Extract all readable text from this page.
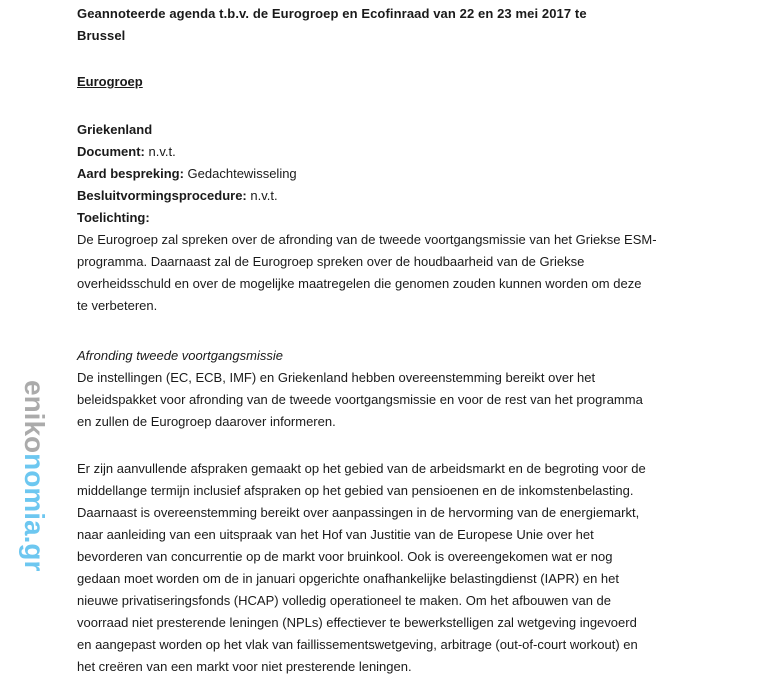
Geannoteerde agenda t.b.v. de Eurogroep en Ecofinraad van 22 en 23 mei 2017 te
Brussel
Eurogroep
Griekenland
Document: n.v.t.
Aard bespreking: Gedachtewisseling
Besluitvormingsprocedure: n.v.t.
Toelichting:
De Eurogroep zal spreken over de afronding van de tweede voortgangsmissie van het Griekse ESM-
programma. Daarnaast zal de Eurogroep spreken over de houdbaarheid van de Griekse
overheidsschuld en over de mogelijke maatregelen die genomen zouden kunnen worden om deze
te verbeteren.
Afronding tweede voortgangsmissie
De instellingen (EC, ECB, IMF) en Griekenland hebben overeenstemming bereikt over het
beleidspakket voor afronding van de tweede voortgangsmissie en voor de rest van het programma
en zullen de Eurogroep daarover informeren.
Er zijn aanvullende afspraken gemaakt op het gebied van de arbeidsmarkt en de begroting voor de
middellange termijn inclusief afspraken op het gebied van pensioenen en de inkomstenbelasting.
Daarnaast is overeenstemming bereikt over aanpassingen in de hervorming van de energiemarkt,
naar aanleiding van een uitspraak van het Hof van Justitie van de Europese Unie over het
bevorderen van concurrentie op de markt voor bruinkool. Ook is overeengekomen wat er nog
gedaan moet worden om de in januari opgerichte onafhankelijke belastingdienst (IAPR) en het
nieuwe privatiseringsfonds (HCAP) volledig operationeel te maken. Om het afbouwen van de
voorraad niet presterende leningen (NPLs) effectiever te bewerkstelligen zal wetgeving ingevoerd
en aangepast worden op het vlak van faillissementswetgeving, arbitrage (out-of-court workout) en
het creëren van een markt voor niet presterende leningen.
enikonomia.gr
